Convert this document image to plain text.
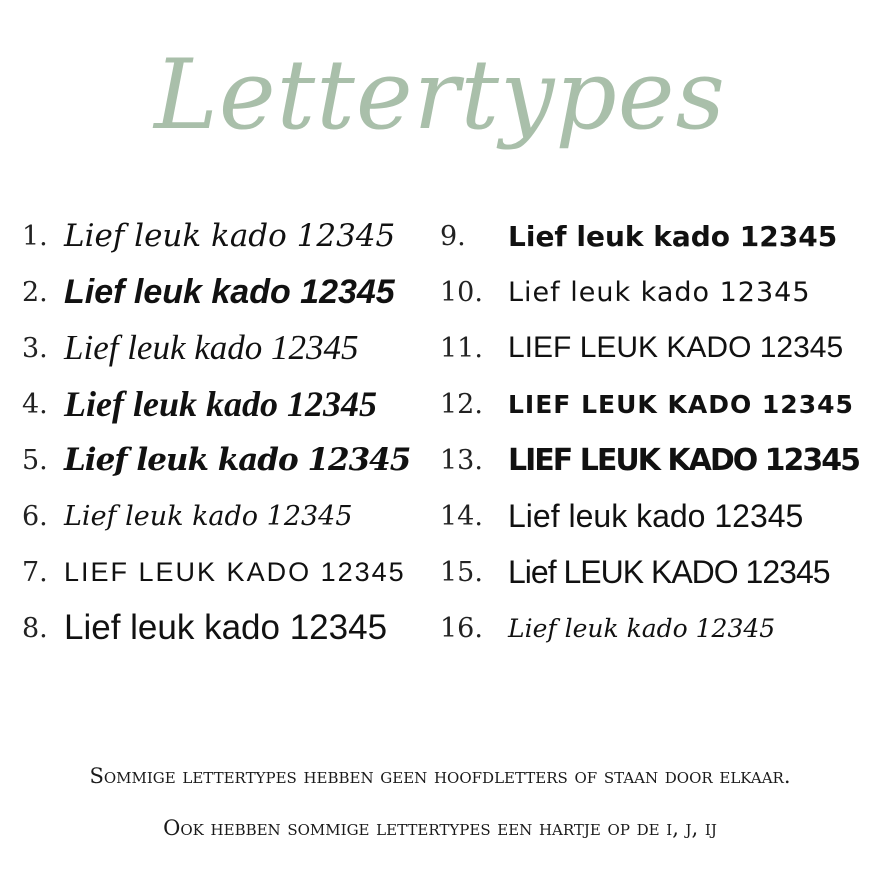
Lettertypes
1. Lief leuk kado 12345
2. Lief leuk kado 12345
3. Lief leuk kado 12345
4. Lief leuk kado 12345
5. Lief leuk kado 12345
6. Lief leuk kado 12345
7. LIEF LEUK KADO 12345
8. Lief leuk kado 12345
9.	Lief leuk kado 12345
10. Lief leuk kado 12345
11. LIEF LEUK KADO 12345
12.	LIEF LEUK KADO 12345
13. LIEF LEUK KADO 12345
14. Lief leuk kado 12345
15. Lief LEUK KADO 12345
16.	Lief leuk kado 12345
Sommige lettertypes hebben geen hoofdletters of staan door elkaar.
Ook hebben sommige lettertypes een hartje op de i, j, ij
